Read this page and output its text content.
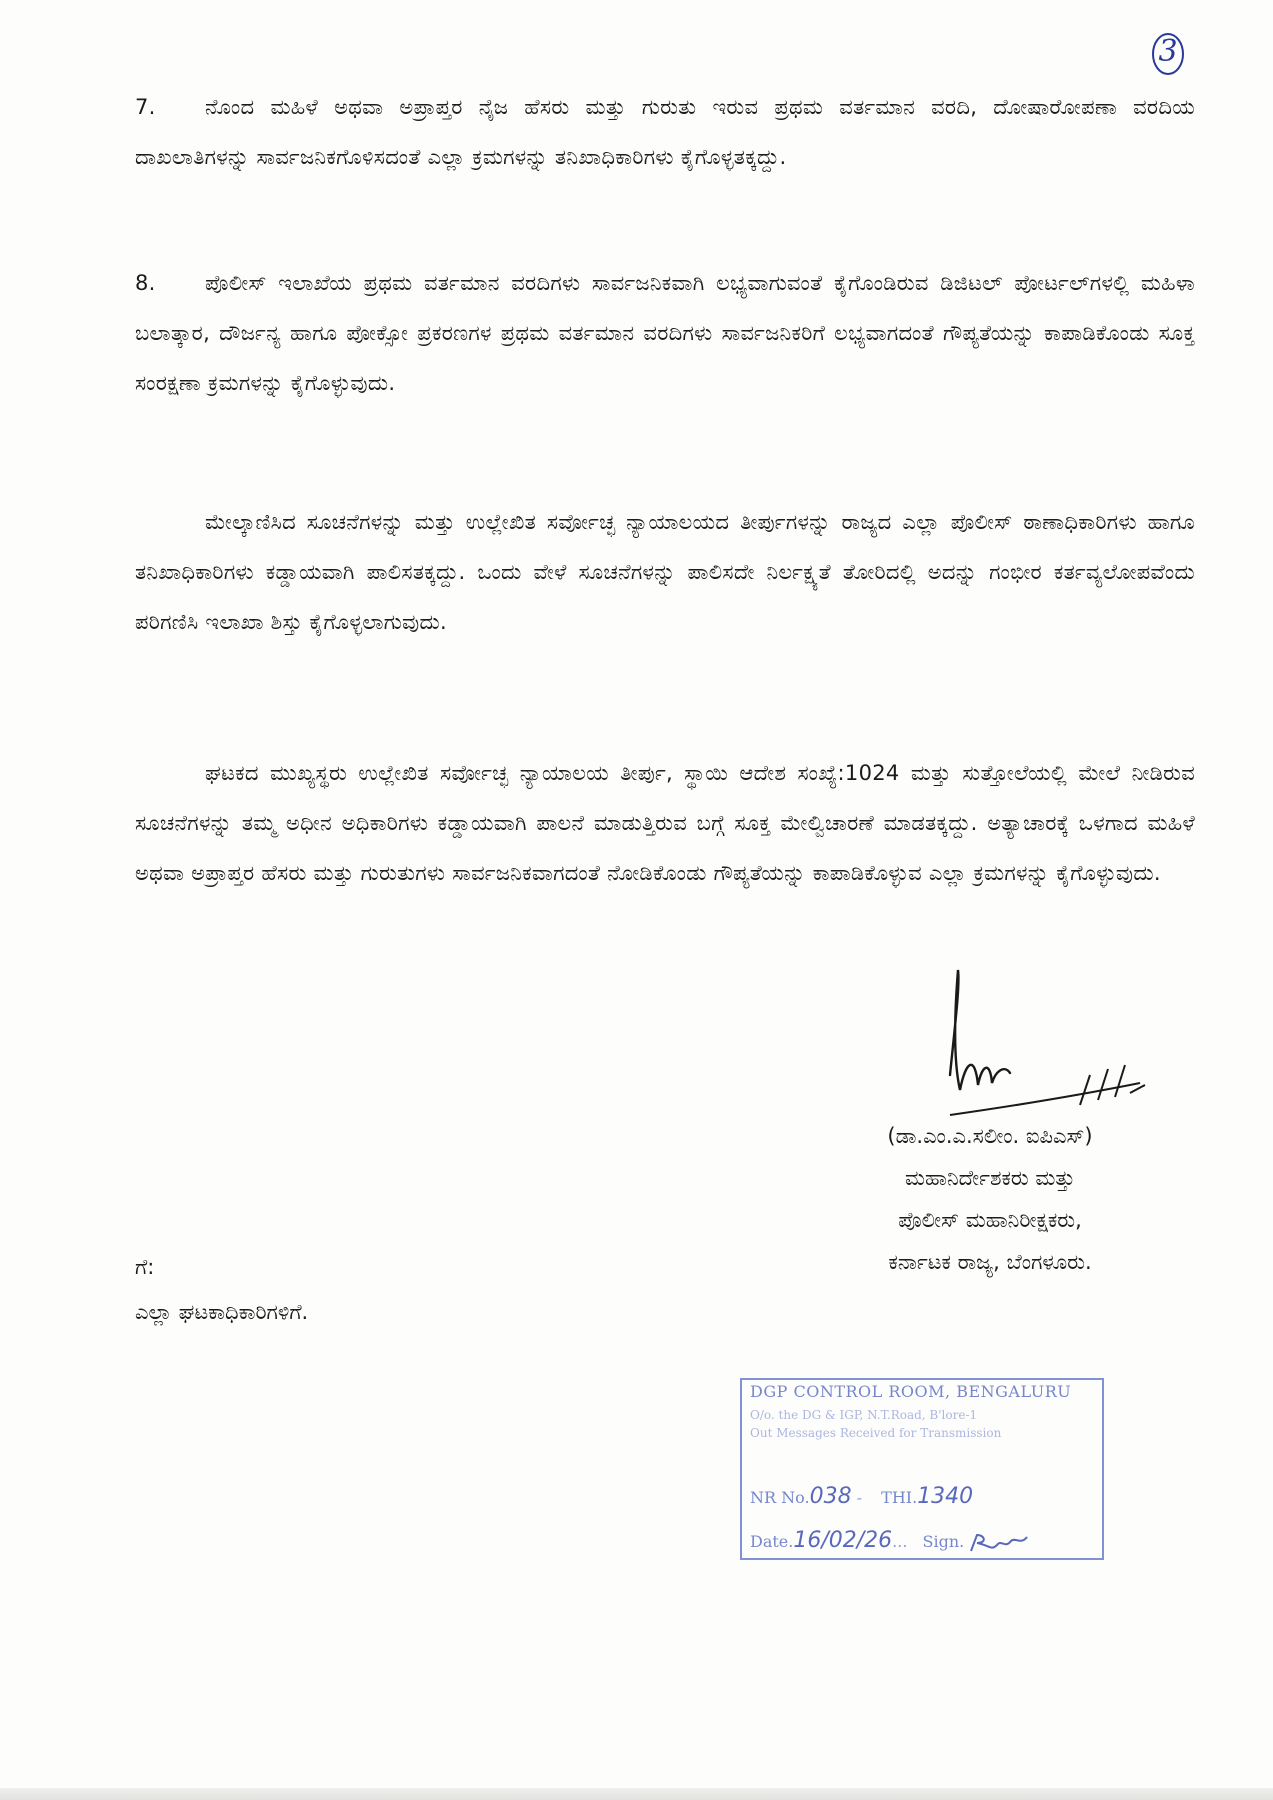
3
7. ನೊಂದ ಮಹಿಳೆ ಅಥವಾ ಅಪ್ರಾಪ್ತರ ನೈಜ ಹೆಸರು ಮತ್ತು ಗುರುತು ಇರುವ ಪ್ರಥಮ ವರ್ತಮಾನ ವರದಿ, ದೋಷಾರೋಪಣಾ ವರದಿಯ ದಾಖಲಾತಿಗಳನ್ನು ಸಾರ್ವಜನಿಕಗೊಳಿಸದಂತೆ ಎಲ್ಲಾ ಕ್ರಮಗಳನ್ನು ತನಿಖಾಧಿಕಾರಿಗಳು ಕೈಗೊಳ್ಳತಕ್ಕದ್ದು.
8. ಪೊಲೀಸ್ ಇಲಾಖೆಯ ಪ್ರಥಮ ವರ್ತಮಾನ ವರದಿಗಳು ಸಾರ್ವಜನಿಕವಾಗಿ ಲಭ್ಯವಾಗುವಂತೆ ಕೈಗೊಂಡಿರುವ ಡಿಜಿಟಲ್ ಪೋರ್ಟಲ್‌ಗಳಲ್ಲಿ ಮಹಿಳಾ ಬಲಾತ್ಕಾರ, ದೌರ್ಜನ್ಯ ಹಾಗೂ ಪೋಕ್ಸೋ ಪ್ರಕರಣಗಳ ಪ್ರಥಮ ವರ್ತಮಾನ ವರದಿಗಳು ಸಾರ್ವಜನಿಕರಿಗೆ ಲಭ್ಯವಾಗದಂತೆ ಗೌಪ್ಯತೆಯನ್ನು ಕಾಪಾಡಿಕೊಂಡು ಸೂಕ್ತ ಸಂರಕ್ಷಣಾ ಕ್ರಮಗಳನ್ನು ಕೈಗೊಳ್ಳುವುದು.
ಮೇಲ್ಕಾಣಿಸಿದ ಸೂಚನೆಗಳನ್ನು ಮತ್ತು ಉಲ್ಲೇಖಿತ ಸರ್ವೋಚ್ಛ ನ್ಯಾಯಾಲಯದ ತೀರ್ಪುಗಳನ್ನು ರಾಜ್ಯದ ಎಲ್ಲಾ ಪೊಲೀಸ್ ಠಾಣಾಧಿಕಾರಿಗಳು ಹಾಗೂ ತನಿಖಾಧಿಕಾರಿಗಳು ಕಡ್ಡಾಯವಾಗಿ ಪಾಲಿಸತಕ್ಕದ್ದು. ಒಂದು ವೇಳೆ ಸೂಚನೆಗಳನ್ನು ಪಾಲಿಸದೇ ನಿರ್ಲಕ್ಷ್ಯತೆ ತೋರಿದಲ್ಲಿ ಅದನ್ನು ಗಂಭೀರ ಕರ್ತವ್ಯಲೋಪವೆಂದು ಪರಿಗಣಿಸಿ ಇಲಾಖಾ ಶಿಸ್ತು ಕೈಗೊಳ್ಳಲಾಗುವುದು.
ಘಟಕದ ಮುಖ್ಯಸ್ಥರು ಉಲ್ಲೇಖಿತ ಸರ್ವೋಚ್ಛ ನ್ಯಾಯಾಲಯ ತೀರ್ಪು, ಸ್ಥಾಯಿ ಆದೇಶ ಸಂಖ್ಯೆ:1024 ಮತ್ತು ಸುತ್ತೋಲೆಯಲ್ಲಿ ಮೇಲೆ ನೀಡಿರುವ ಸೂಚನೆಗಳನ್ನು ತಮ್ಮ ಅಧೀನ ಅಧಿಕಾರಿಗಳು ಕಡ್ಡಾಯವಾಗಿ ಪಾಲನೆ ಮಾಡುತ್ತಿರುವ ಬಗ್ಗೆ ಸೂಕ್ತ ಮೇಲ್ವಿಚಾರಣೆ ಮಾಡತಕ್ಕದ್ದು. ಅತ್ಯಾಚಾರಕ್ಕೆ ಒಳಗಾದ ಮಹಿಳೆ ಅಥವಾ ಅಪ್ರಾಪ್ತರ ಹೆಸರು ಮತ್ತು ಗುರುತುಗಳು ಸಾರ್ವಜನಿಕವಾಗದಂತೆ ನೋಡಿಕೊಂಡು ಗೌಪ್ಯತೆಯನ್ನು ಕಾಪಾಡಿಕೊಳ್ಳುವ ಎಲ್ಲಾ ಕ್ರಮಗಳನ್ನು ಕೈಗೊಳ್ಳುವುದು.
(ಡಾ.ಎಂ.ಎ.ಸಲೀಂ. ಐಪಿಎಸ್)
ಮಹಾನಿರ್ದೇಶಕರು ಮತ್ತು
ಪೊಲೀಸ್ ಮಹಾನಿರೀಕ್ಷಕರು,
ಕರ್ನಾಟಕ ರಾಜ್ಯ, ಬೆಂಗಳೂರು.
ಗೆ:
ಎಲ್ಲಾ ಘಟಕಾಧಿಕಾರಿಗಳಿಗೆ.
DGP CONTROL ROOM, BENGALURU
O/o. the DG & IGP, N.T.Road, B'lore-1
Out Messages Received for Transmission
NR No.038 - THI.1340
Date.16/02/26... Sign.
